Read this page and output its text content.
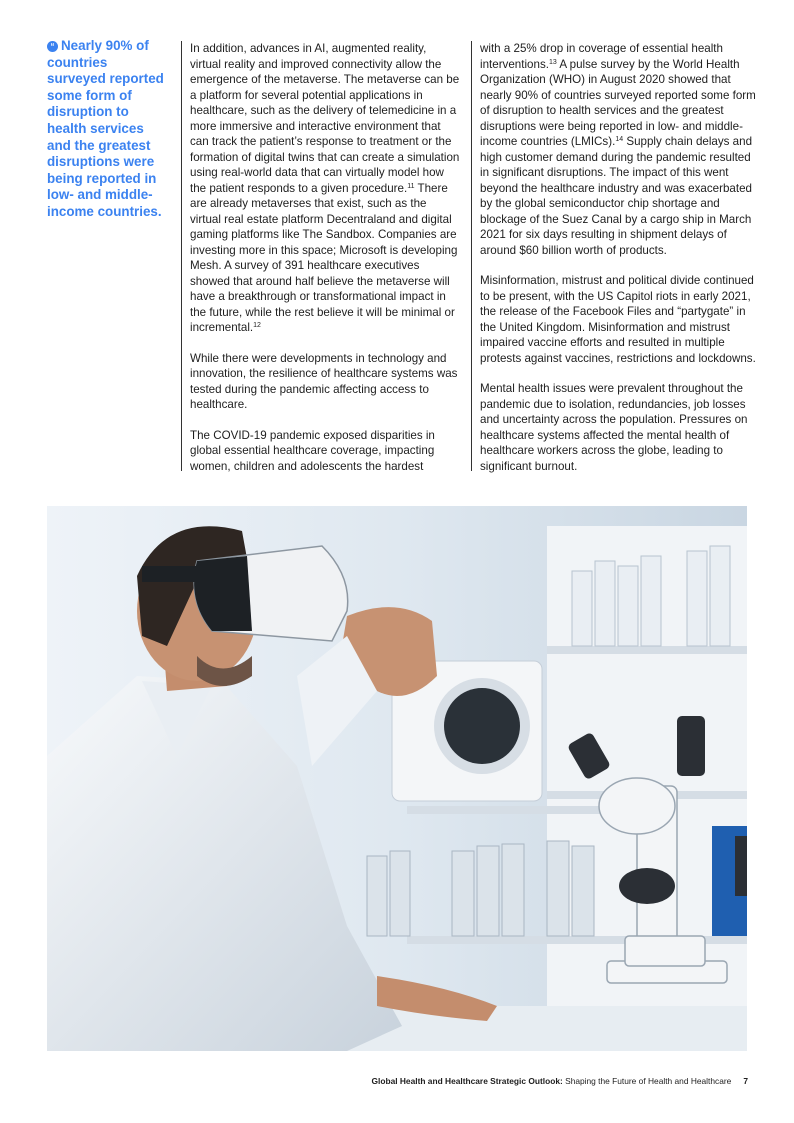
“ Nearly 90% of countries surveyed reported some form of disruption to health services and the greatest disruptions were being reported in low- and middle-income countries.

In addition, advances in AI, augmented reality, virtual reality and improved connectivity allow the emergence of the metaverse. The metaverse can be a platform for several potential applications in healthcare, such as the delivery of telemedicine in a more immersive and interactive environment that can track the patient’s response to treatment or the formation of digital twins that can create a simulation using real-world data that can virtually model how the patient responds to a given procedure.$^{11}$ There are already metaverses that exist, such as the virtual real estate platform Decentraland and digital gaming platforms like The Sandbox. Companies are investing more in this space; Microsoft is developing Mesh. A survey of 391 healthcare executives showed that around half believe the metaverse will have a breakthrough or transformational impact in the future, while the rest believe it will be minimal or incremental.$^{12}$

While there were developments in technology and innovation, the resilience of healthcare systems was tested during the pandemic affecting access to healthcare.

The COVID-19 pandemic exposed disparities in global essential healthcare coverage, impacting women, children and adolescents the hardest

with a 25% drop in coverage of essential health interventions.$^{13}$ A pulse survey by the World Health Organization (WHO) in August 2020 showed that nearly 90% of countries surveyed reported some form of disruption to health services and the greatest disruptions were being reported in low- and middle-income countries (LMICs).$^{14}$ Supply chain delays and high customer demand during the pandemic resulted in significant disruptions. The impact of this went beyond the healthcare industry and was exacerbated by the global semiconductor chip shortage and blockage of the Suez Canal by a cargo ship in March 2021 for six days resulting in shipment delays of around $60 billion worth of products.

Misinformation, mistrust and political divide continued to be present, with the US Capitol riots in early 2021, the release of the Facebook Files and “partygate” in the United Kingdom. Misinformation and mistrust impaired vaccine efforts and resulted in multiple protests against vaccines, restrictions and lockdowns.

Mental health issues were prevalent throughout the pandemic due to isolation, redundancies, job losses and uncertainty across the population. Pressures on healthcare systems affected the mental health of healthcare workers across the globe, leading to significant burnout.

Global Health and Healthcare Strategic Outlook: Shaping the Future of Health and Healthcare 7
